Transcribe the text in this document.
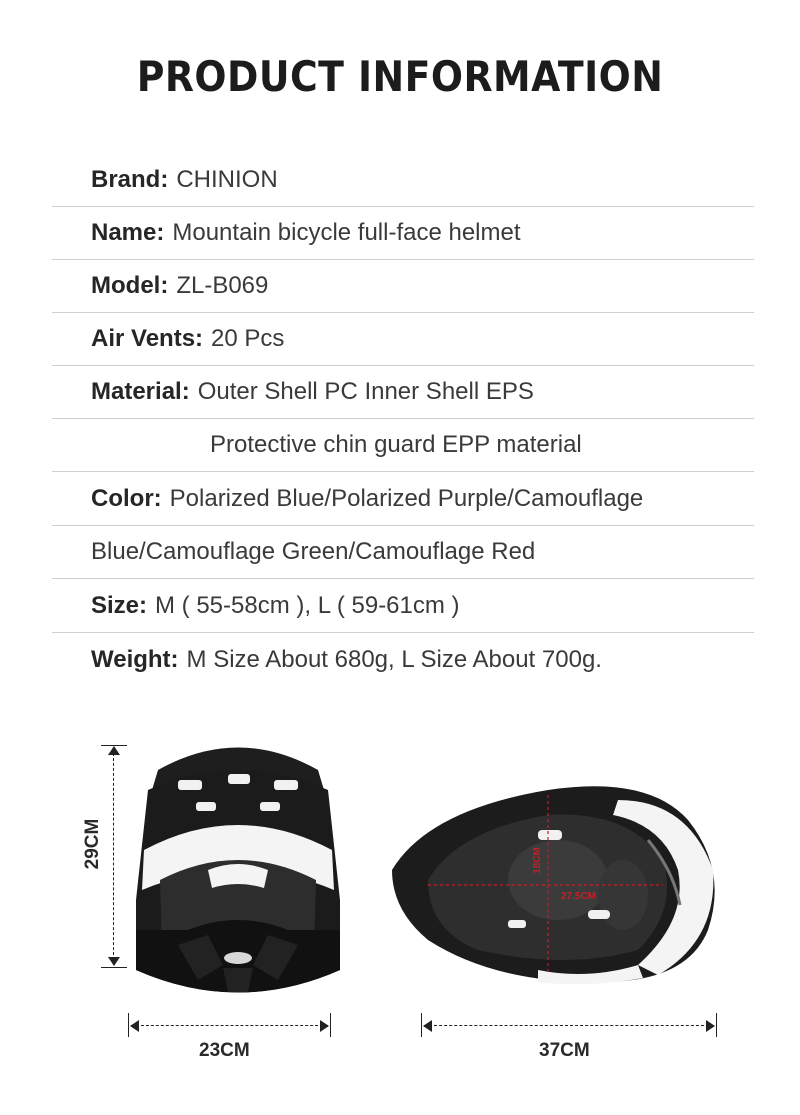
PRODUCT INFORMATION
Brand: CHINION
Name: Mountain bicycle full-face helmet
Model: ZL-B069
Air Vents: 20 Pcs
Material: Outer Shell PC Inner Shell EPS
Protective chin guard EPP material
Color: Polarized Blue/Polarized Purple/Camouflage
Blue/Camouflage Green/Camouflage Red
Size: M ( 55-58cm ), L ( 59-61cm )
Weight: M Size About 680g, L Size About 700g.
29CM
23CM
18CM
27.5CM
37CM
